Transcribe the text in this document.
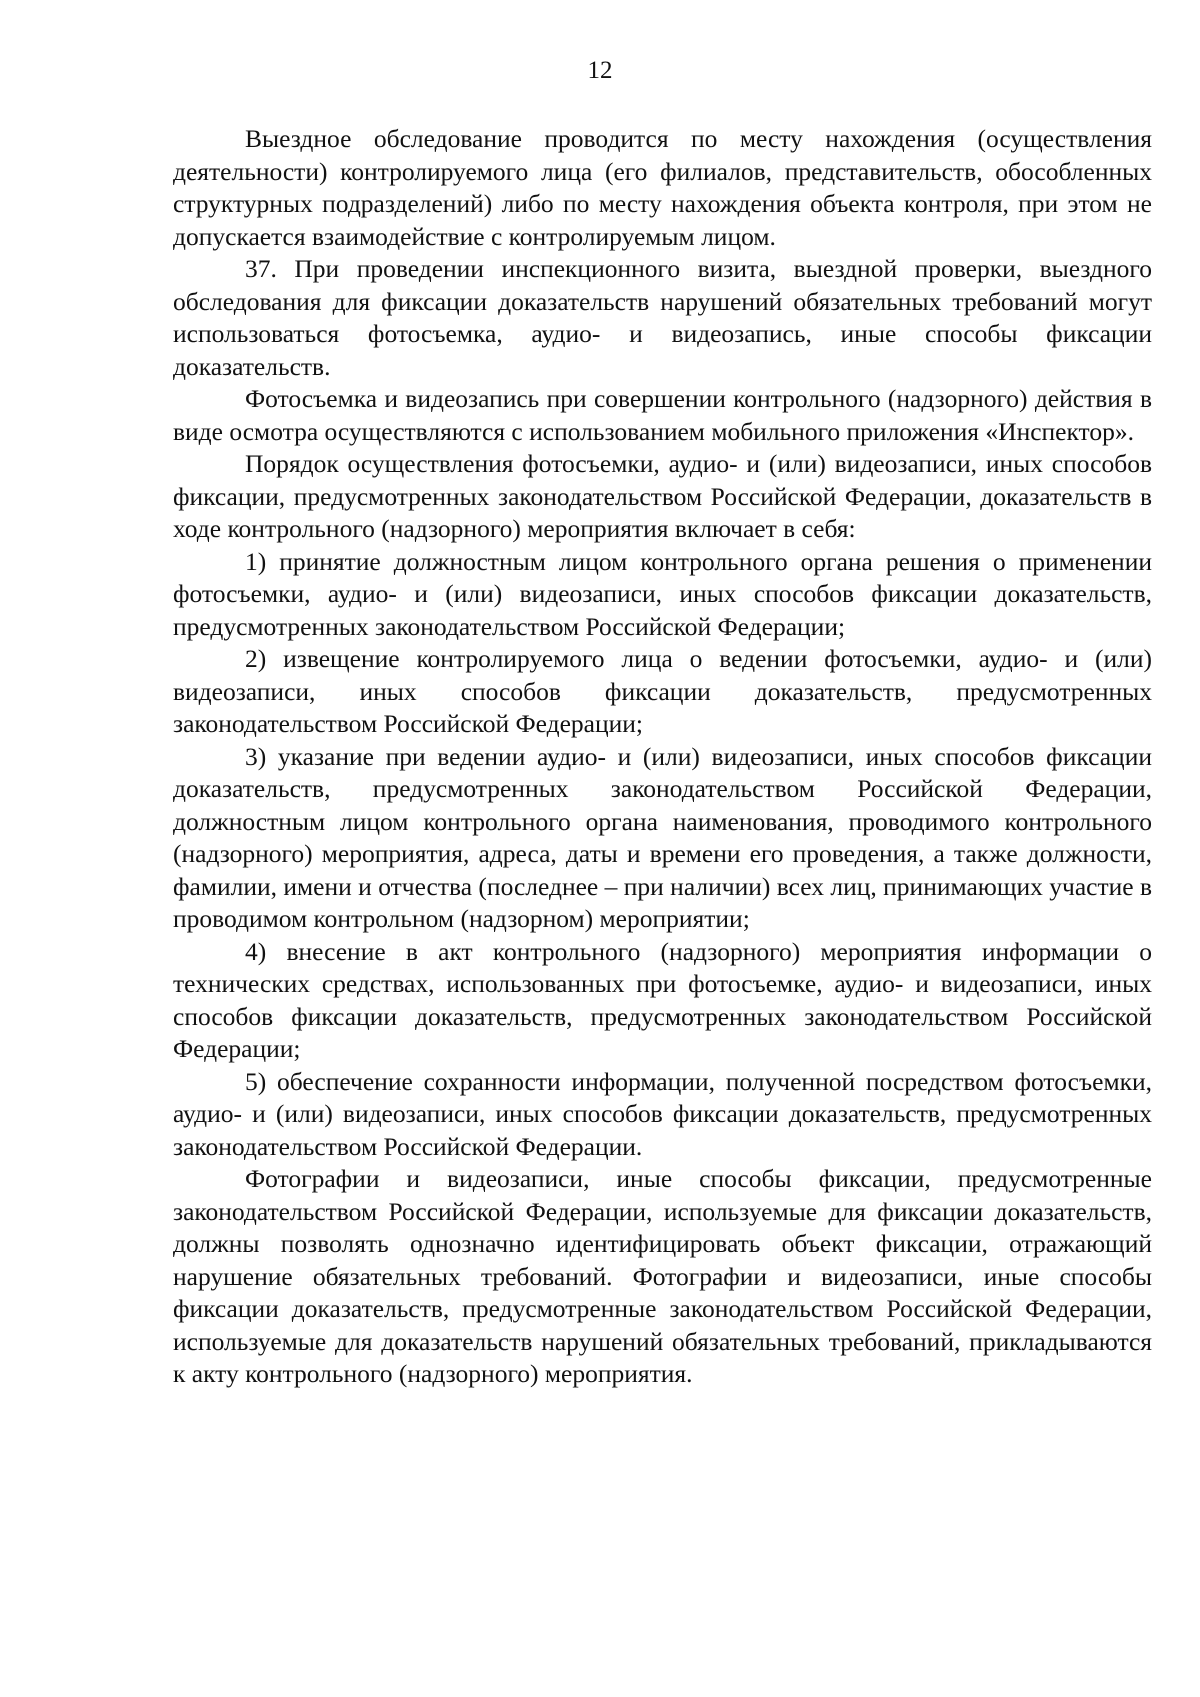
12

Выездное обследование проводится по месту нахождения (осуществления деятельности) контролируемого лица (его филиалов, представительств, обособленных структурных подразделений) либо по месту нахождения объекта контроля, при этом не допускается взаимодействие с контролируемым лицом.

37. При проведении инспекционного визита, выездной проверки, выездного обследования для фиксации доказательств нарушений обязательных требований могут использоваться фотосъемка, аудио- и видеозапись, иные способы фиксации доказательств.

Фотосъемка и видеозапись при совершении контрольного (надзорного) действия в виде осмотра осуществляются с использованием мобильного приложения «Инспектор».

Порядок осуществления фотосъемки, аудио- и (или) видеозаписи, иных способов фиксации, предусмотренных законодательством Российской Федерации, доказательств в ходе контрольного (надзорного) мероприятия включает в себя:

1) принятие должностным лицом контрольного органа решения о применении фотосъемки, аудио- и (или) видеозаписи, иных способов фиксации доказательств, предусмотренных законодательством Российской Федерации;

2) извещение контролируемого лица о ведении фотосъемки, аудио- и (или) видеозаписи, иных способов фиксации доказательств, предусмотренных законодательством Российской Федерации;

3) указание при ведении аудио- и (или) видеозаписи, иных способов фиксации доказательств, предусмотренных законодательством Российской Федерации, должностным лицом контрольного органа наименования, проводимого контрольного (надзорного) мероприятия, адреса, даты и времени его проведения, а также должности, фамилии, имени и отчества (последнее – при наличии) всех лиц, принимающих участие в проводимом контрольном (надзорном) мероприятии;

4) внесение в акт контрольного (надзорного) мероприятия информации о технических средствах, использованных при фотосъемке, аудио- и видеозаписи, иных способов фиксации доказательств, предусмотренных законодательством Российской Федерации;

5) обеспечение сохранности информации, полученной посредством фотосъемки, аудио- и (или) видеозаписи, иных способов фиксации доказательств, предусмотренных законодательством Российской Федерации.

Фотографии и видеозаписи, иные способы фиксации, предусмотренные законодательством Российской Федерации, используемые для фиксации доказательств, должны позволять однозначно идентифицировать объект фиксации, отражающий нарушение обязательных требований. Фотографии и видеозаписи, иные способы фиксации доказательств, предусмотренные законодательством Российской Федерации, используемые для доказательств нарушений обязательных требований, прикладываются к акту контрольного (надзорного) мероприятия.
